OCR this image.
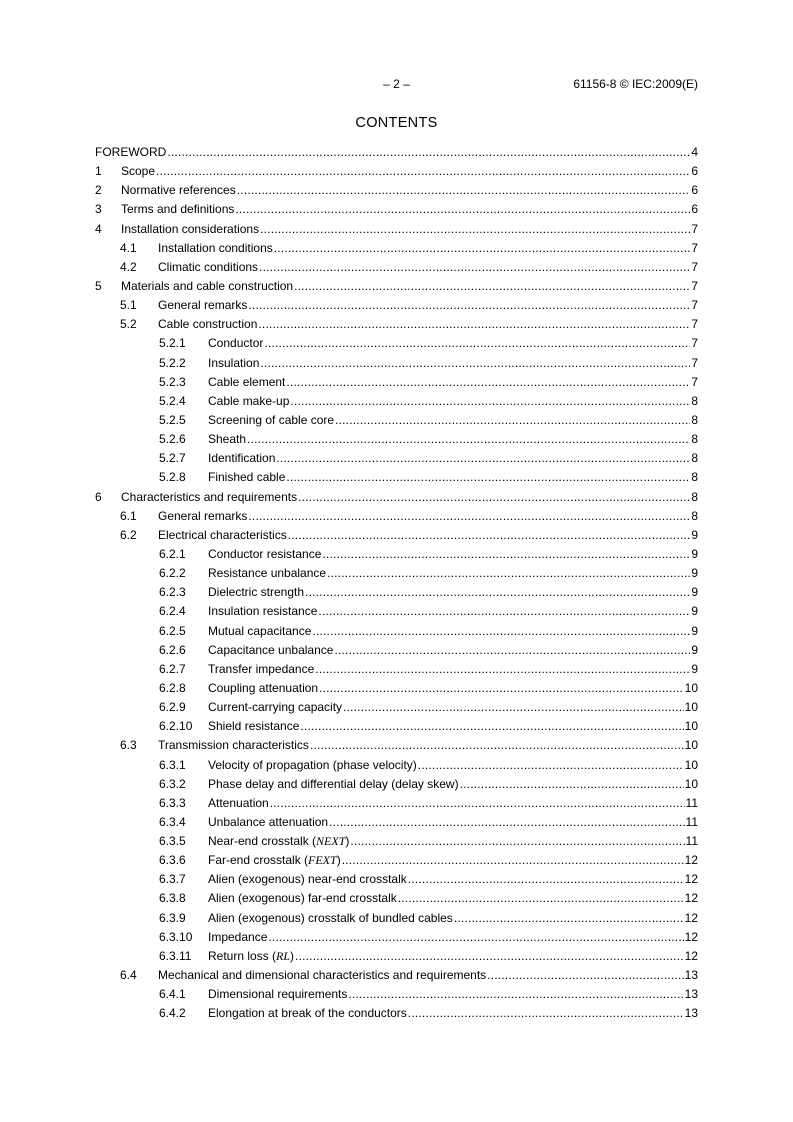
– 2 –	61156-8 © IEC:2009(E)
CONTENTS
FOREWORD .....	4
1	Scope .....	6
2	Normative references .....	6
3	Terms and definitions .....	6
4	Installation considerations .....	7
4.1	Installation conditions .....	7
4.2	Climatic conditions .....	7
5	Materials and cable construction .....	7
5.1	General remarks .....	7
5.2	Cable construction .....	7
5.2.1	Conductor .....	7
5.2.2	Insulation .....	7
5.2.3	Cable element .....	7
5.2.4	Cable make-up .....	8
5.2.5	Screening of cable core .....	8
5.2.6	Sheath .....	8
5.2.7	Identification .....	8
5.2.8	Finished cable .....	8
6	Characteristics and requirements .....	8
6.1	General remarks .....	8
6.2	Electrical characteristics .....	9
6.2.1	Conductor resistance .....	9
6.2.2	Resistance unbalance .....	9
6.2.3	Dielectric strength .....	9
6.2.4	Insulation resistance .....	9
6.2.5	Mutual capacitance .....	9
6.2.6	Capacitance unbalance .....	9
6.2.7	Transfer impedance .....	9
6.2.8	Coupling attenuation .....	10
6.2.9	Current-carrying capacity .....	10
6.2.10	Shield resistance .....	10
6.3	Transmission characteristics .....	10
6.3.1	Velocity of propagation (phase velocity) .....	10
6.3.2	Phase delay and differential delay (delay skew) .....	10
6.3.3	Attenuation .....	11
6.3.4	Unbalance attenuation .....	11
6.3.5	Near-end crosstalk (NEXT) .....	11
6.3.6	Far-end crosstalk (FEXT) .....	12
6.3.7	Alien (exogenous) near-end crosstalk .....	12
6.3.8	Alien (exogenous) far-end crosstalk .....	12
6.3.9	Alien (exogenous) crosstalk of bundled cables .....	12
6.3.10	Impedance .....	12
6.3.11	Return loss (RL) .....	12
6.4	Mechanical and dimensional characteristics and requirements .....	13
6.4.1	Dimensional requirements .....	13
6.4.2	Elongation at break of the conductors .....	13
